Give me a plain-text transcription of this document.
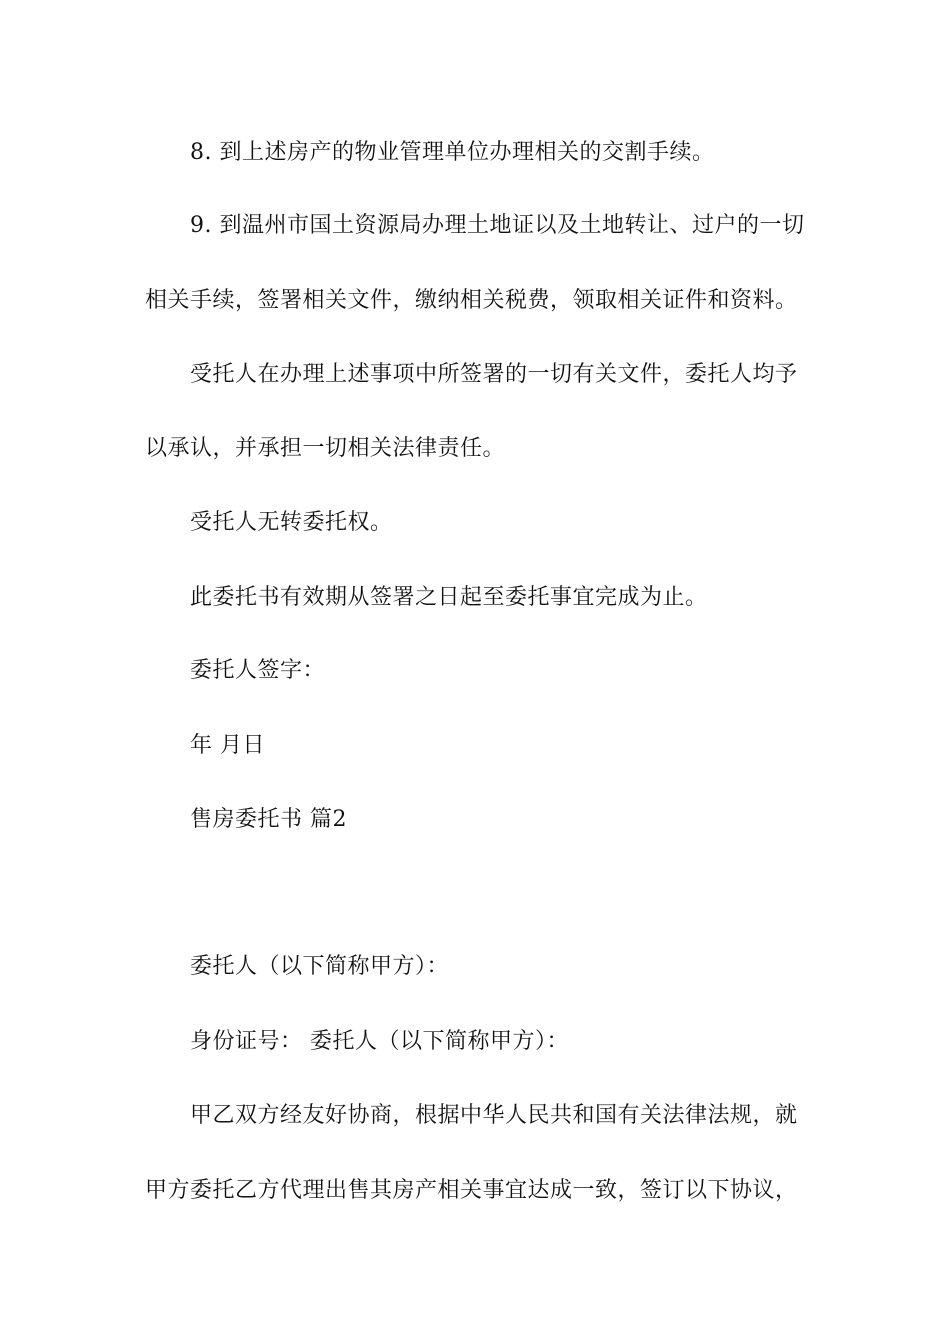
8. 到上述房产的物业管理单位办理相关的交割手续。
9. 到温州市国土资源局办理土地证以及土地转让、过户的一切
相关手续，签署相关文件，缴纳相关税费，领取相关证件和资料。
受托人在办理上述事项中所签署的一切有关文件，委托人均予
以承认，并承担一切相关法律责任。
受托人无转委托权。
此委托书有效期从签署之日起至委托事宜完成为止。
委托人签字：
年 月日
售房委托书 篇2
委托人（以下简称甲方）：
身份证号： 委托人（以下简称甲方）：
甲乙双方经友好协商，根据中华人民共和国有关法律法规，就
甲方委托乙方代理出售其房产相关事宜达成一致，签订以下协议，
